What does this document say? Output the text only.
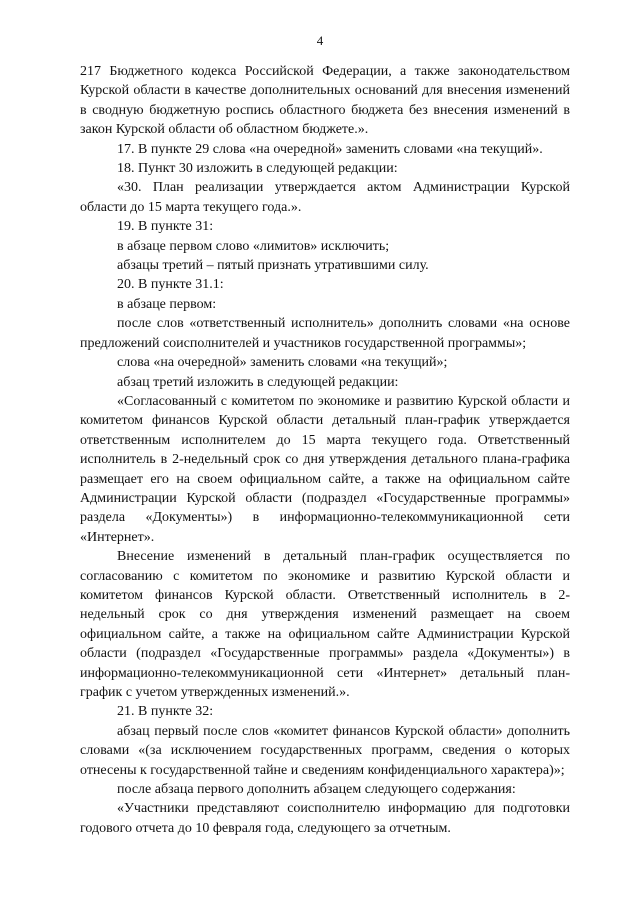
4

217 Бюджетного кодекса Российской Федерации, а также законодательством Курской области в качестве дополнительных оснований для внесения изменений в сводную бюджетную роспись областного бюджета без внесения изменений в закон Курской области об областном бюджете.».

17. В пункте 29 слова «на очередной» заменить словами «на текущий».

18. Пункт 30 изложить в следующей редакции:

«30. План реализации утверждается актом Администрации Курской области до 15 марта текущего года.».

19. В пункте 31:

в абзаце первом слово «лимитов» исключить;

абзацы третий – пятый признать утратившими силу.

20. В пункте 31.1:

в абзаце первом:

после слов «ответственный исполнитель» дополнить словами «на основе предложений соисполнителей и участников государственной программы»;

слова «на очередной» заменить словами «на текущий»;

абзац третий изложить в следующей редакции:

«Согласованный с комитетом по экономике и развитию Курской области и комитетом финансов Курской области детальный план-график утверждается ответственным исполнителем до 15 марта текущего года. Ответственный исполнитель в 2-недельный срок со дня утверждения детального плана-графика размещает его на своем официальном сайте, а также на официальном сайте Администрации Курской области (подраздел «Государственные программы» раздела «Документы») в информационно-телекоммуникационной сети «Интернет».

Внесение изменений в детальный план-график осуществляется по согласованию с комитетом по экономике и развитию Курской области и комитетом финансов Курской области. Ответственный исполнитель в 2-недельный срок со дня утверждения изменений размещает на своем официальном сайте, а также на официальном сайте Администрации Курской области (подраздел «Государственные программы» раздела «Документы») в информационно-телекоммуникационной сети «Интернет» детальный план-график с учетом утвержденных изменений.».

21. В пункте 32:

абзац первый после слов «комитет финансов Курской области» дополнить словами «(за исключением государственных программ, сведения о которых отнесены к государственной тайне и сведениям конфиденциального характера)»;

после абзаца первого дополнить абзацем следующего содержания:

«Участники представляют соисполнителю информацию для подготовки годового отчета до 10 февраля года, следующего за отчетным.
